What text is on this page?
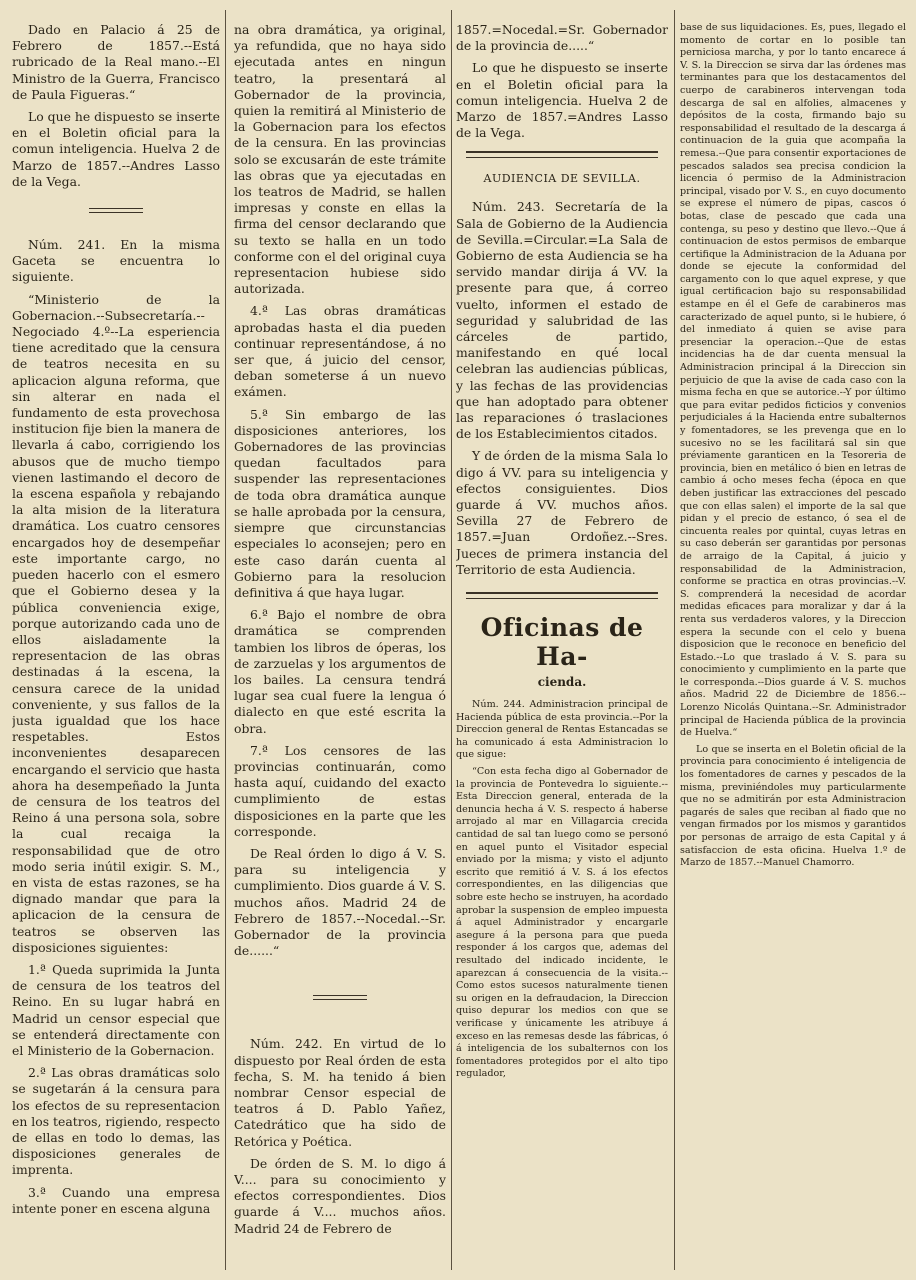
Dado en Palacio á 25 de Febrero de 1857.--Está rubricado de la Real mano.--El Ministro de la Guerra, Francisco de Paula Figueras.“

Lo que he dispuesto se inserte en el Boletin oficial para la comun inteligencia. Huelva 2 de Marzo de 1857.--Andres Lasso de la Vega.

Núm. 241. En la misma Gaceta se encuentra lo siguiente.

“Ministerio de la Gobernacion.--Subsecretaría.--Negociado 4.º--La esperiencia tiene acreditado que la censura de teatros necesita en su aplicacion alguna reforma, que sin alterar en nada el fundamento de esta provechosa institucion fije bien la manera de llevarla á cabo, corrigiendo los abusos que de mucho tiempo vienen lastimando el decoro de la escena española y rebajando la alta mision de la literatura dramática. Los cuatro censores encargados hoy de desempeñar este importante cargo, no pueden hacerlo con el esmero que el Gobierno desea y la pública conveniencia exige, porque autorizando cada uno de ellos aisladamente la representacion de las obras destinadas á la escena, la censura carece de la unidad conveniente, y sus fallos de la justa igualdad que los hace respetables. Estos inconvenientes desaparecen encargando el servicio que hasta ahora ha desempeñado la Junta de censura de los teatros del Reino á una persona sola, sobre la cual recaiga la responsabilidad que de otro modo seria inútil exigir. S. M., en vista de estas razones, se ha dignado mandar que para la aplicacion de la censura de teatros se observen las disposiciones siguientes:

1.ª Queda suprimida la Junta de censura de los teatros del Reino. En su lugar habrá en Madrid un censor especial que se entenderá directamente con el Ministerio de la Gobernacion.

2.ª Las obras dramáticas solo se sugetarán á la censura para los efectos de su representacion en los teatros, rigiendo, respecto de ellas en todo lo demas, las disposiciones generales de imprenta.

3.ª Cuando una empresa intente poner en escena alguna

na obra dramática, ya original, ya refundida, que no haya sido ejecutada antes en ningun teatro, la presentará al Gobernador de la provincia, quien la remitirá al Ministerio de la Gobernacion para los efectos de la censura. En las provincias solo se excusarán de este trámite las obras que ya ejecutadas en los teatros de Madrid, se hallen impresas y conste en ellas la firma del censor declarando que su texto se halla en un todo conforme con el del original cuya representacion hubiese sido autorizada.

4.ª Las obras dramáticas aprobadas hasta el dia pueden continuar representándose, á no ser que, á juicio del censor, deban someterse á un nuevo exámen.

5.ª Sin embargo de las disposiciones anteriores, los Gobernadores de las provincias quedan facultados para suspender las representaciones de toda obra dramática aunque se halle aprobada por la censura, siempre que circunstancias especiales lo aconsejen; pero en este caso darán cuenta al Gobierno para la resolucion definitiva á que haya lugar.

6.ª Bajo el nombre de obra dramática se comprenden tambien los libros de óperas, los de zarzuelas y los argumentos de los bailes. La censura tendrá lugar sea cual fuere la lengua ó dialecto en que esté escrita la obra.

7.ª Los censores de las provincias continuarán, como hasta aquí, cuidando del exacto cumplimiento de estas disposiciones en la parte que les corresponde.

De Real órden lo digo á V. S. para su inteligencia y cumplimiento. Dios guarde á V. S. muchos años. Madrid 24 de Febrero de 1857.--Nocedal.--Sr. Gobernador de la provincia de......“

Núm. 242. En virtud de lo dispuesto por Real órden de esta fecha, S. M. ha tenido á bien nombrar Censor especial de teatros á D. Pablo Yañez, Catedrático que ha sido de Retórica y Poética.

De órden de S. M. lo digo á V.... para su conocimiento y efectos correspondientes. Dios guarde á V.... muchos años. Madrid 24 de Febrero de

1857.=Nocedal.=Sr. Gobernador de la provincia de.....“

Lo que he dispuesto se inserte en el Boletin oficial para la comun inteligencia. Huelva 2 de Marzo de 1857.=Andres Lasso de la Vega.

AUDIENCIA DE SEVILLA.

Núm. 243. Secretaría de la Sala de Gobierno de la Audiencia de Sevilla.=Circular.=La Sala de Gobierno de esta Audiencia se ha servido mandar dirija á VV. la presente para que, á correo vuelto, informen el estado de seguridad y salubridad de las cárceles de partido, manifestando en qué local celebran las audiencias públicas, y las fechas de las providencias que han adoptado para obtener las reparaciones ó traslaciones de los Establecimientos citados.

Y de órden de la misma Sala lo digo á VV. para su inteligencia y efectos consiguientes. Dios guarde á VV. muchos años. Sevilla 27 de Febrero de 1857.=Juan Ordoñez.--Sres. Jueces de primera instancia del Territorio de esta Audiencia.

Oficinas de Ha-
cienda.

Núm. 244. Administracion principal de Hacienda pública de esta provincia.--Por la Direccion general de Rentas Estancadas se ha comunicado á esta Administracion lo que sigue:

“Con esta fecha digo al Gobernador de la provincia de Pontevedra lo siguiente.--Esta Direccion general, enterada de la denuncia hecha á V. S. respecto á haberse arrojado al mar en Villagarcia crecida cantidad de sal tan luego como se personó en aquel punto el Visitador especial enviado por la misma; y visto el adjunto escrito que remitió á V. S. á los efectos correspondientes, en las diligencias que sobre este hecho se instruyen, ha acordado aprobar la suspension de empleo impuesta á aquel Administrador y encargarle asegure á la persona para que pueda responder á los cargos que, ademas del resultado del indicado incidente, le aparezcan á consecuencia de la visita.--Como estos sucesos naturalmente tienen su origen en la defraudacion, la Direccion quiso depurar los medios con que se verificase y únicamente les atribuye á exceso en las remesas desde las fábricas, ó á inteligencia de los subalternos con los fomentadores protegidos por el alto tipo regulador,

base de sus liquidaciones. Es, pues, llegado el momento de cortar en lo posible tan perniciosa marcha, y por lo tanto encarece á V. S. la Direccion se sirva dar las órdenes mas terminantes para que los destacamentos del cuerpo de carabineros intervengan toda descarga de sal en alfolies, almacenes y depósitos de la costa, firmando bajo su responsabilidad el resultado de la descarga á continuacion de la guia que acompaña la remesa.--Que para consentir exportaciones de pescados salados sea precisa condicion la licencia ó permiso de la Administracion principal, visado por V. S., en cuyo documento se exprese el número de pipas, cascos ó botas, clase de pescado que cada una contenga, su peso y destino que llevo.--Que á continuacion de estos permisos de embarque certifique la Administracion de la Aduana por donde se ejecute la conformidad del cargamento con lo que aquel exprese, y que igual certificacion bajo su responsabilidad estampe en él el Gefe de carabineros mas caracterizado de aquel punto, si le hubiere, ó del inmediato á quien se avise para presenciar la operacion.--Que de estas incidencias ha de dar cuenta mensual la Administracion principal á la Direccion sin perjuicio de que la avise de cada caso con la misma fecha en que se autorice.--Y por último que para evitar pedidos ficticios y convenios perjudiciales á la Hacienda entre subalternos y fomentadores, se les prevenga que en lo sucesivo no se les facilitará sal sin que préviamente garanticen en la Tesoreria de provincia, bien en metálico ó bien en letras de cambio á ocho meses fecha (época en que deben justificar las extracciones del pescado que con ellas salen) el importe de la sal que pidan y el precio de estanco, ó sea el de cincuenta reales por quintal, cuyas letras en su caso deberán ser garantidas por personas de arraigo de la Capital, á juicio y responsabilidad de la Administracion, conforme se practica en otras provincias.--V. S. comprenderá la necesidad de acordar medidas eficaces para moralizar y dar á la renta sus verdaderos valores, y la Direccion espera la secunde con el celo y buena disposicion que le reconoce en beneficio del Estado.--Lo que traslado á V. S. para su conocimiento y cumplimiento en la parte que le corresponda.--Dios guarde á V. S. muchos años. Madrid 22 de Diciembre de 1856.--Lorenzo Nicolás Quintana.--Sr. Administrador principal de Hacienda pública de la provincia de Huelva.“

Lo que se inserta en el Boletin oficial de la provincia para conocimiento é inteligencia de los fomentadores de carnes y pescados de la misma, previniéndoles muy particularmente que no se admitirán por esta Administracion pagarés de sales que reciban al fiado que no vengan firmados por los mismos y garantidos por personas de arraigo de esta Capital y á satisfaccion de esta oficina. Huelva 1.º de Marzo de 1857.--Manuel Chamorro.
